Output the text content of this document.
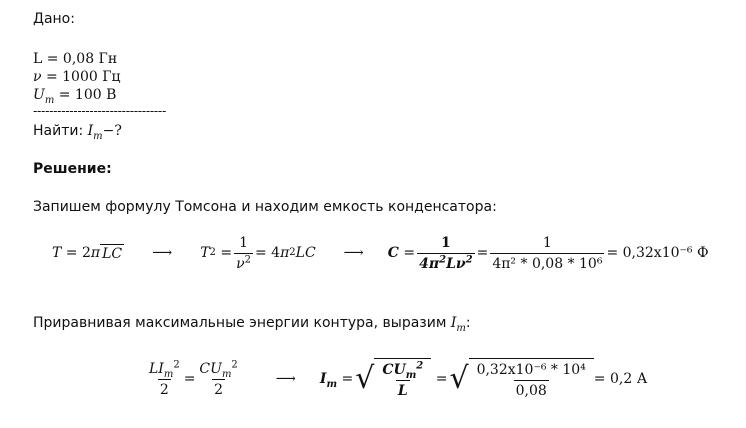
Дано:
L = 0,08 Гн
ν = 1000 Гц
$U_m = 100$ В
---------------------------------
Найти: $I_m-$?
Решение:
Запишем формулу Томсона и находим емкость конденсатора:
T = 2 π LC ⟶ T $2 = \frac{1}{\nu^2} = 4$ π 2 LC ⟶ $C = \frac{1}{4\pi^2L\nu^2} = \frac{1}{\text{4π² * 0,08 * 10⁶}} = 0,32х10^{-6}$ Ф
Приравнивая максимальные энергии контура, выразим $I_m$:
$\frac{LI_m^2}{2} = \frac{CU_m^2}{2}$	⟶ $I_m$ = √ $\frac{CU_m^2}{L}$ = √ $\frac{\text{0,32х10⁻⁶ * 10⁴}}{0,08} = 0,2$ А
